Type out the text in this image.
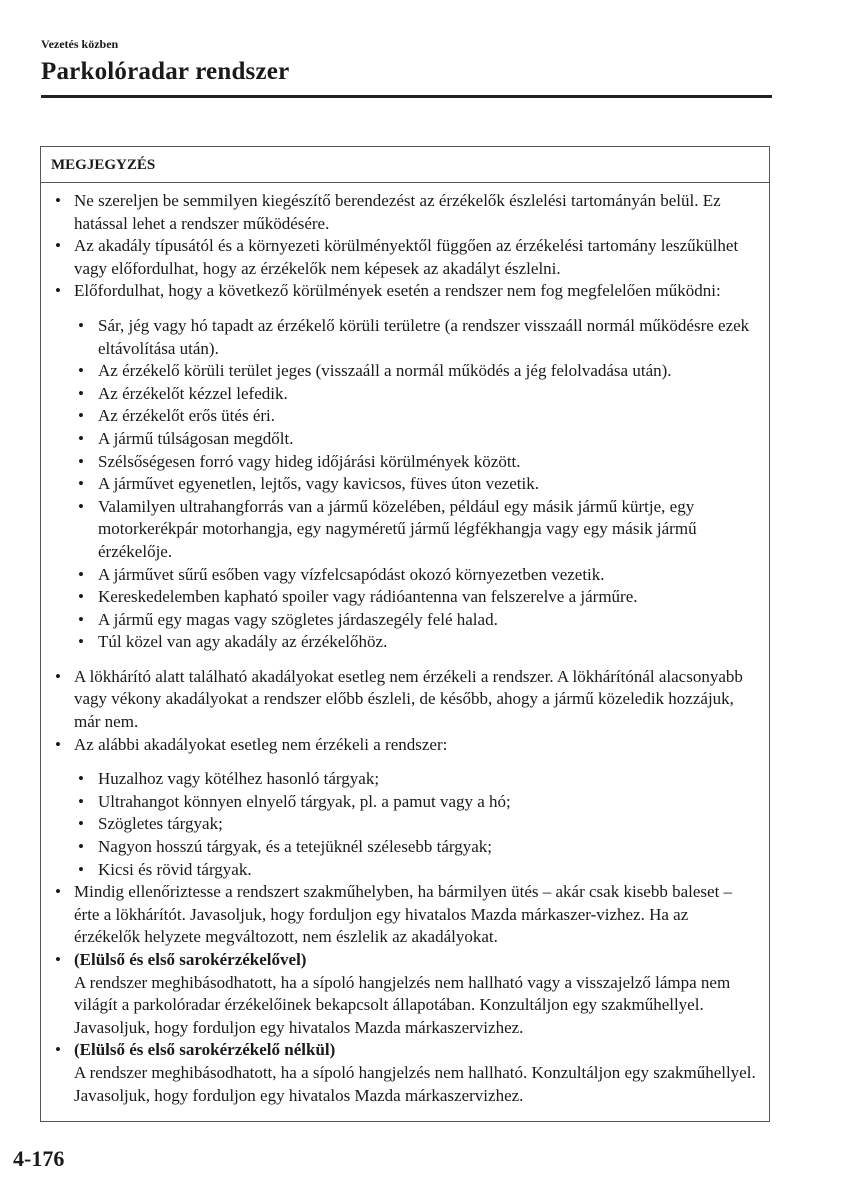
Vezetés közben
Parkolóradar rendszer
MEGJEGYZÉS
• Ne szereljen be semmilyen kiegészítő berendezést az érzékelők észlelési tartományán belül. Ez hatással lehet a rendszer működésére.
• Az akadály típusától és a környezeti körülményektől függően az érzékelési tartomány leszűkülhet vagy előfordulhat, hogy az érzékelők nem képesek az akadályt észlelni.
• Előfordulhat, hogy a következő körülmények esetén a rendszer nem fog megfelelően működni:
• Sár, jég vagy hó tapadt az érzékelő körüli területre (a rendszer visszaáll normál működésre ezek eltávolítása után).
• Az érzékelő körüli terület jeges (visszaáll a normál működés a jég felolvadása után).
• Az érzékelőt kézzel lefedik.
• Az érzékelőt erős ütés éri.
• A jármű túlságosan megdőlt.
• Szélsőségesen forró vagy hideg időjárási körülmények között.
• A járművet egyenetlen, lejtős, vagy kavicsos, füves úton vezetik.
• Valamilyen ultrahangforrás van a jármű közelében, például egy másik jármű kürtje, egy motorkerékpár motorhangja, egy nagyméretű jármű légfékhangja vagy egy másik jármű érzékelője.
• A járművet sűrű esőben vagy vízfelcsapódást okozó környezetben vezetik.
• Kereskedelemben kapható spoiler vagy rádióantenna van felszerelve a járműre.
• A jármű egy magas vagy szögletes járdaszegély felé halad.
• Túl közel van agy akadály az érzékelőhöz.
• A lökhárító alatt található akadályokat esetleg nem érzékeli a rendszer. A lökhárítónál alacsonyabb vagy vékony akadályokat a rendszer előbb észleli, de később, ahogy a jármű közeledik hozzájuk, már nem.
• Az alábbi akadályokat esetleg nem érzékeli a rendszer:
• Huzalhoz vagy kötélhez hasonló tárgyak;
• Ultrahangot könnyen elnyelő tárgyak, pl. a pamut vagy a hó;
• Szögletes tárgyak;
• Nagyon hosszú tárgyak, és a tetejüknél szélesebb tárgyak;
• Kicsi és rövid tárgyak.
• Mindig ellenőriztesse a rendszert szakműhelyben, ha bármilyen ütés – akár csak kisebb baleset – érte a lökhárítót. Javasoljuk, hogy forduljon egy hivatalos Mazda márkaszer-vizhez. Ha az érzékelők helyzete megváltozott, nem észlelik az akadályokat.
• (Elülső és első sarokérzékelővel)
A rendszer meghibásodhatott, ha a sípoló hangjelzés nem hallható vagy a visszajelző lámpa nem világít a parkolóradar érzékelőinek bekapcsolt állapotában. Konzultáljon egy szakműhellyel. Javasoljuk, hogy forduljon egy hivatalos Mazda márkaszervizhez.
• (Elülső és első sarokérzékelő nélkül)
A rendszer meghibásodhatott, ha a sípoló hangjelzés nem hallható. Konzultáljon egy szakműhellyel. Javasoljuk, hogy forduljon egy hivatalos Mazda márkaszervizhez.
4-176
